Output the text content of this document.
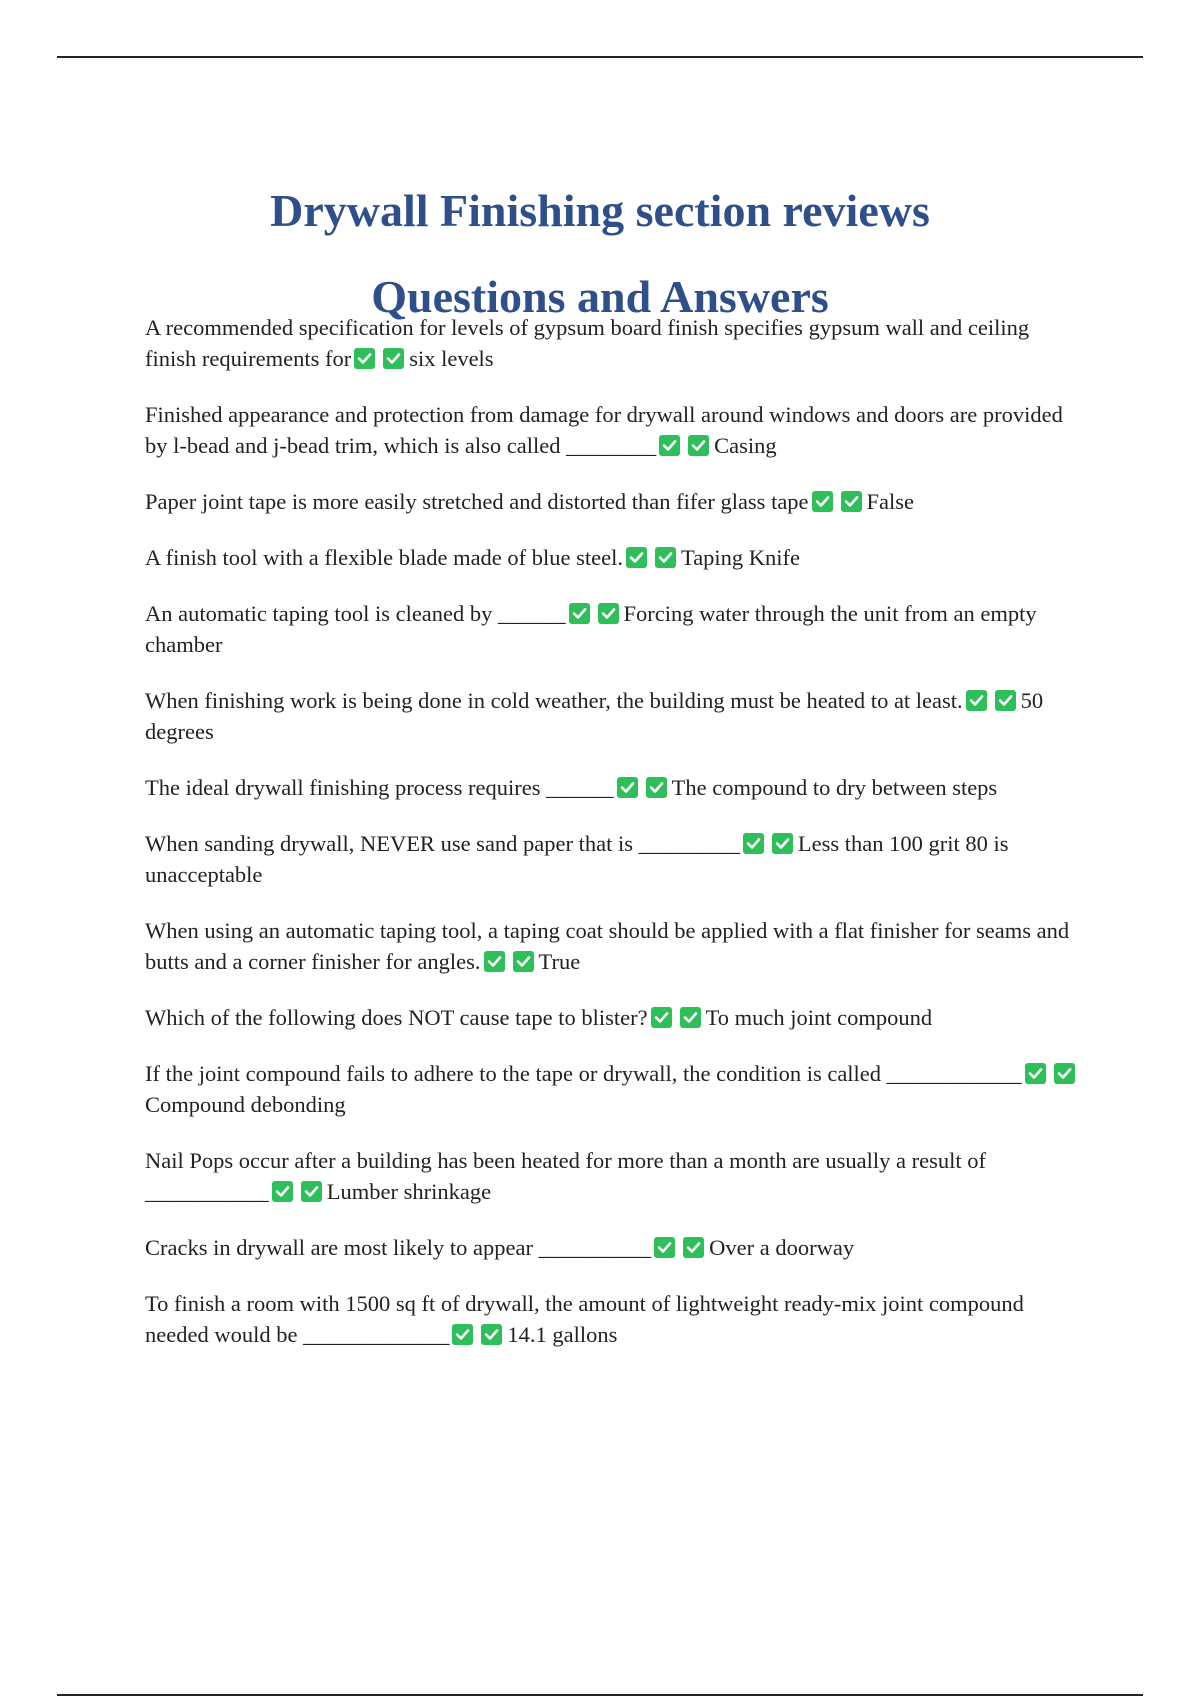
Drywall Finishing section reviews
Questions and Answers
A recommended specification for levels of gypsum board finish specifies gypsum wall and ceiling finish requirements for	six levels
Finished appearance and protection from damage for drywall around windows and doors are provided by l-bead and j-bead trim, which is also called ________	Casing
Paper joint tape is more easily stretched and distorted than fifer glass tape	False
A finish tool with a flexible blade made of blue steel.	Taping Knife
An automatic taping tool is cleaned by ______	Forcing water through the unit from an empty chamber
When finishing work is being done in cold weather, the building must be heated to at least.	50 degrees
The ideal drywall finishing process requires ______	The compound to dry between steps
When sanding drywall, NEVER use sand paper that is _________	Less than 100 grit 80 is unacceptable
When using an automatic taping tool, a taping coat should be applied with a flat finisher for seams and butts and a corner finisher for angles.	True
Which of the following does NOT cause tape to blister?	To much joint compound
If the joint compound fails to adhere to the tape or drywall, the condition is called ____________
Compound debonding
Nail Pops occur after a building has been heated for more than a month are usually a result of ___________	Lumber shrinkage
Cracks in drywall are most likely to appear __________	Over a doorway
To finish a room with 1500 sq ft of drywall, the amount of lightweight ready-mix joint compound needed would be _____________	14.1 gallons
